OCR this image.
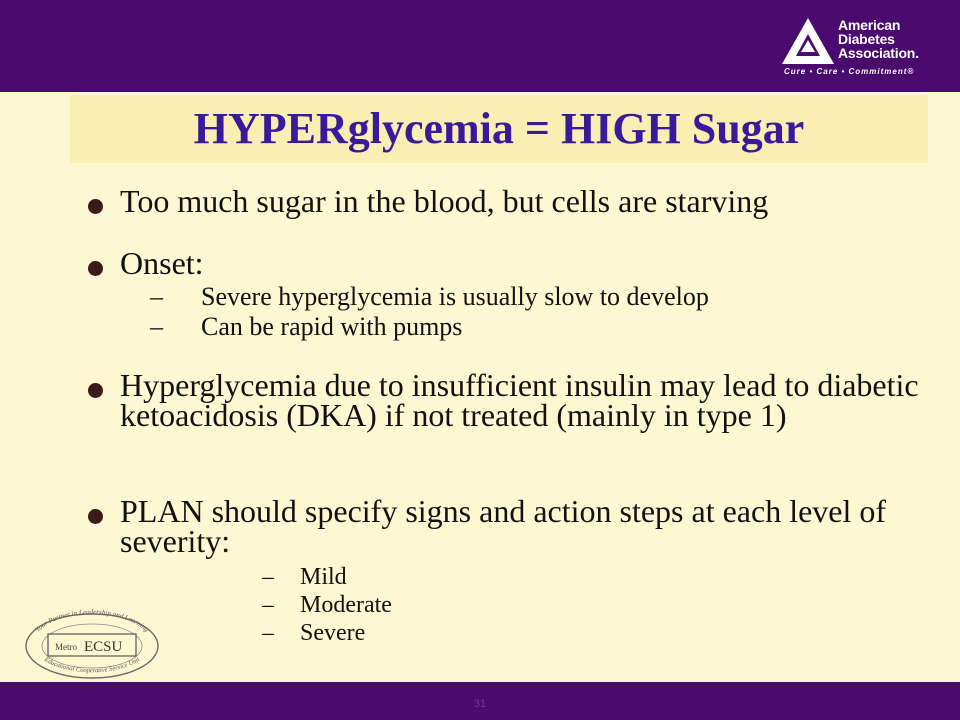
American
Diabetes
Association.
Cure • Care • Commitment®
HYPERglycemia = HIGH Sugar
Too much sugar in the blood, but cells are starving
Onset:
– Severe hyperglycemia is usually slow to develop
– Can be rapid with pumps
Hyperglycemia due to insufficient insulin may lead to diabetic ketoacidosis (DKA) if not treated (mainly in type 1)
PLAN should specify signs and action steps at each level of severity:
– Mild
– Moderate
– Severe
Your Partner in Leadership and Learning
Educational Cooperative Service Unit
Metro ECSU
31
